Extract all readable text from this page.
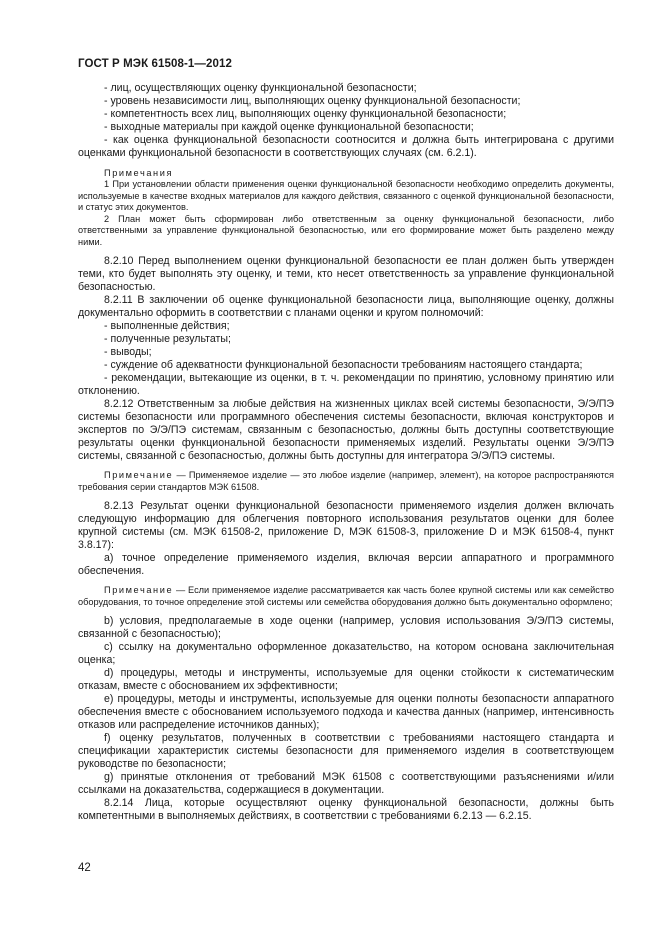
ГОСТ Р МЭК 61508-1—2012

- лиц, осуществляющих оценку функциональной безопасности;

- уровень независимости лиц, выполняющих оценку функциональной безопасности;

- компетентность всех лиц, выполняющих оценку функциональной безопасности;

- выходные материалы при каждой оценке функциональной безопасности;

- как оценка функциональной безопасности соотносится и должна быть интегрирована с другими оценками функциональной безопасности в соответствующих случаях (см. 6.2.1).

Примечания

1 При установлении области применения оценки функциональной безопасности необходимо определить документы, используемые в качестве входных материалов для каждого действия, связанного с оценкой функциональной безопасности, и статус этих документов.

2 План может быть сформирован либо ответственным за оценку функциональной безопасности, либо ответственными за управление функциональной безопасностью, или его формирование может быть разделено между ними.

8.2.10 Перед выполнением оценки функциональной безопасности ее план должен быть утвержден теми, кто будет выполнять эту оценку, и теми, кто несет ответственность за управление функциональной безопасностью.

8.2.11 В заключении об оценке функциональной безопасности лица, выполняющие оценку, должны документально оформить в соответствии с планами оценки и кругом полномочий:

- выполненные действия;

- полученные результаты;

- выводы;

- суждение об адекватности функциональной безопасности требованиям настоящего стандарта;

- рекомендации, вытекающие из оценки, в т. ч. рекомендации по принятию, условному принятию или отклонению.

8.2.12 Ответственным за любые действия на жизненных циклах всей системы безопасности, Э/Э/ПЭ системы безопасности или программного обеспечения системы безопасности, включая конструкторов и экспертов по Э/Э/ПЭ системам, связанным с безопасностью, должны быть доступны соответствующие результаты оценки функциональной безопасности применяемых изделий. Результаты оценки Э/Э/ПЭ системы, связанной с безопасностью, должны быть доступны для интегратора Э/Э/ПЭ системы.

Примечание — Применяемое изделие — это любое изделие (например, элемент), на которое распространяются требования серии стандартов МЭК 61508.

8.2.13 Результат оценки функциональной безопасности применяемого изделия должен включать следующую информацию для облегчения повторного использования результатов оценки для более крупной системы (см. МЭК 61508-2, приложение D, МЭК 61508-3, приложение D и МЭК 61508-4, пункт 3.8.17):

a) точное определение применяемого изделия, включая версии аппаратного и программного обеспечения.

Примечание — Если применяемое изделие рассматривается как часть более крупной системы или как семейство оборудования, то точное определение этой системы или семейства оборудования должно быть документально оформлено;

b) условия, предполагаемые в ходе оценки (например, условия использования Э/Э/ПЭ системы, связанной с безопасностью);

c) ссылку на документально оформленное доказательство, на котором основана заключительная оценка;

d) процедуры, методы и инструменты, используемые для оценки стойкости к систематическим отказам, вместе с обоснованием их эффективности;

e) процедуры, методы и инструменты, используемые для оценки полноты безопасности аппаратного обеспечения вместе с обоснованием используемого подхода и качества данных (например, интенсивность отказов или распределение источников данных);

f) оценку результатов, полученных в соответствии с требованиями настоящего стандарта и спецификации характеристик системы безопасности для применяемого изделия в соответствующем руководстве по безопасности;

g) принятые отклонения от требований МЭК 61508 с соответствующими разъяснениями и/или ссылками на доказательства, содержащиеся в документации.

8.2.14 Лица, которые осуществляют оценку функциональной безопасности, должны быть компетентными в выполняемых действиях, в соответствии с требованиями 6.2.13 — 6.2.15.

42
